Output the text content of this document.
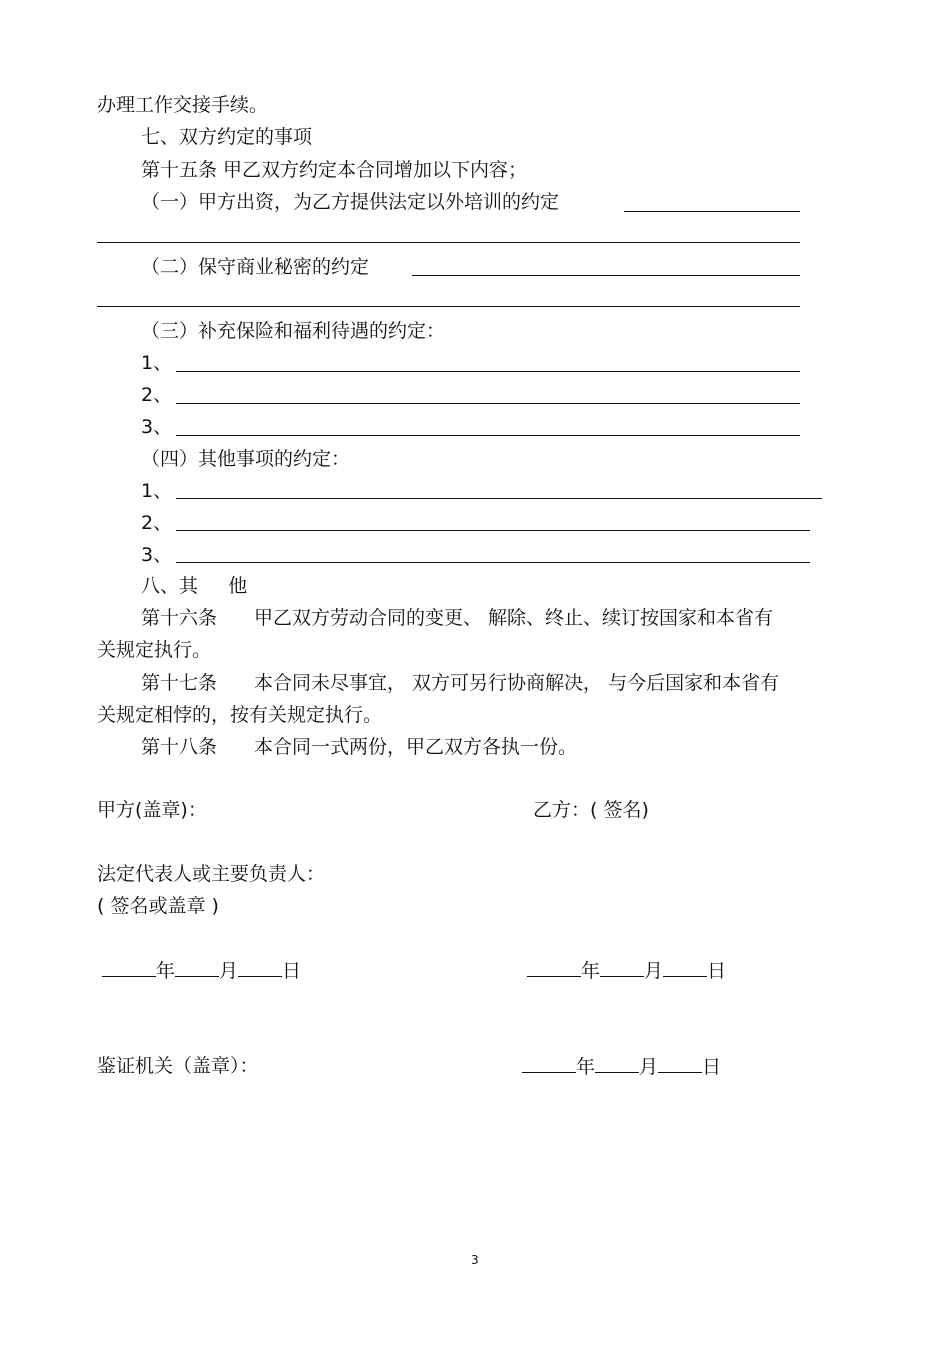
办理工作交接手续。
七、双方约定的事项
第十五条 甲乙双方约定本合同增加以下内容；
（一）甲方出资，为乙方提供法定以外培训的约定
（二）保守商业秘密的约定
（三）补充保险和福利待遇的约定：
1、
2、
3、
（四）其他事项的约定：
1、
2、
3、
八、其     他
第十六条 甲乙双方劳动合同的变更、 解除、终止、续订按国家和本省有
关规定执行。
第十七条 本合同未尽事宜， 双方可另行协商解决， 与今后国家和本省有
关规定相悖的，按有关规定执行。
第十八条 本合同一式两份，甲乙双方各执一份。
甲方(盖章)：	乙方：( 签名)
法定代表人或主要负责人：
( 签名或盖章 )
年 月 日	年 月 日
鉴证机关（盖章）：	年 月 日
3
